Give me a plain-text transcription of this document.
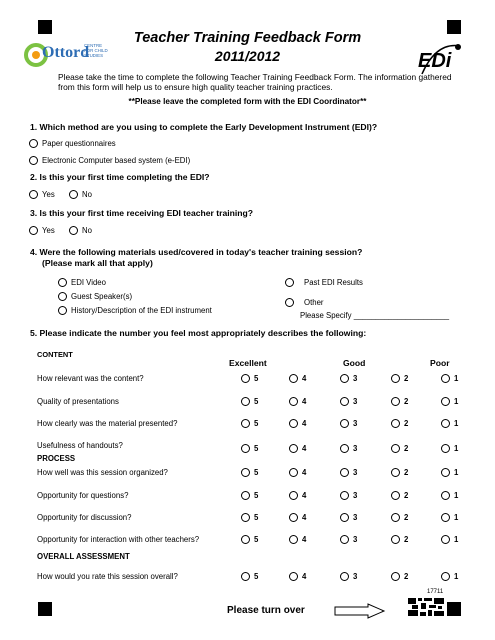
Ottord
CENTRE FOR CHILD STUDIES
Teacher Training Feedback Form
2011/2012	EDi
Please take the time to complete the following Teacher Training Feedback Form. The information gathered from this form will help us to ensure high quality teacher training practices.
**Please leave the completed form with the EDI Coordinator**
1. Which method are you using to complete the Early Development Instrument (EDI)?
Paper questionnaires
Electronic Computer based system (e-EDI)
2. Is this your first time completing the EDI?
Yes	No
3. Is this your first time receiving EDI teacher training?
Yes	No
4. Were the following materials used/covered in today's teacher training session?
(Please mark all that apply)
EDI Video
Guest Speaker(s)
History/Description of the EDI instrument
Past EDI Results
Other
Please Specify ______________________
5. Please indicate the number you feel most appropriately describes the following:
CONTENT
Excellent	Good	Poor
PROCESS
OVERALL ASSESSMENT
How relevant was the content?	5	4	3	2	1
Quality of presentations	5	4	3	2	1
How clearly was the material presented?	5	4	3	2	1
Usefulness of handouts?	5	4	3	2	1
How well was this session organized?	5	4	3	2	1
Opportunity for questions?	5	4	3	2	1
Opportunity for discussion?	5	4	3	2	1
Opportunity for interaction with other teachers?	5	4	3	2	1
How would you rate this session overall?	5	4	3	2	1
17711
Please turn over
